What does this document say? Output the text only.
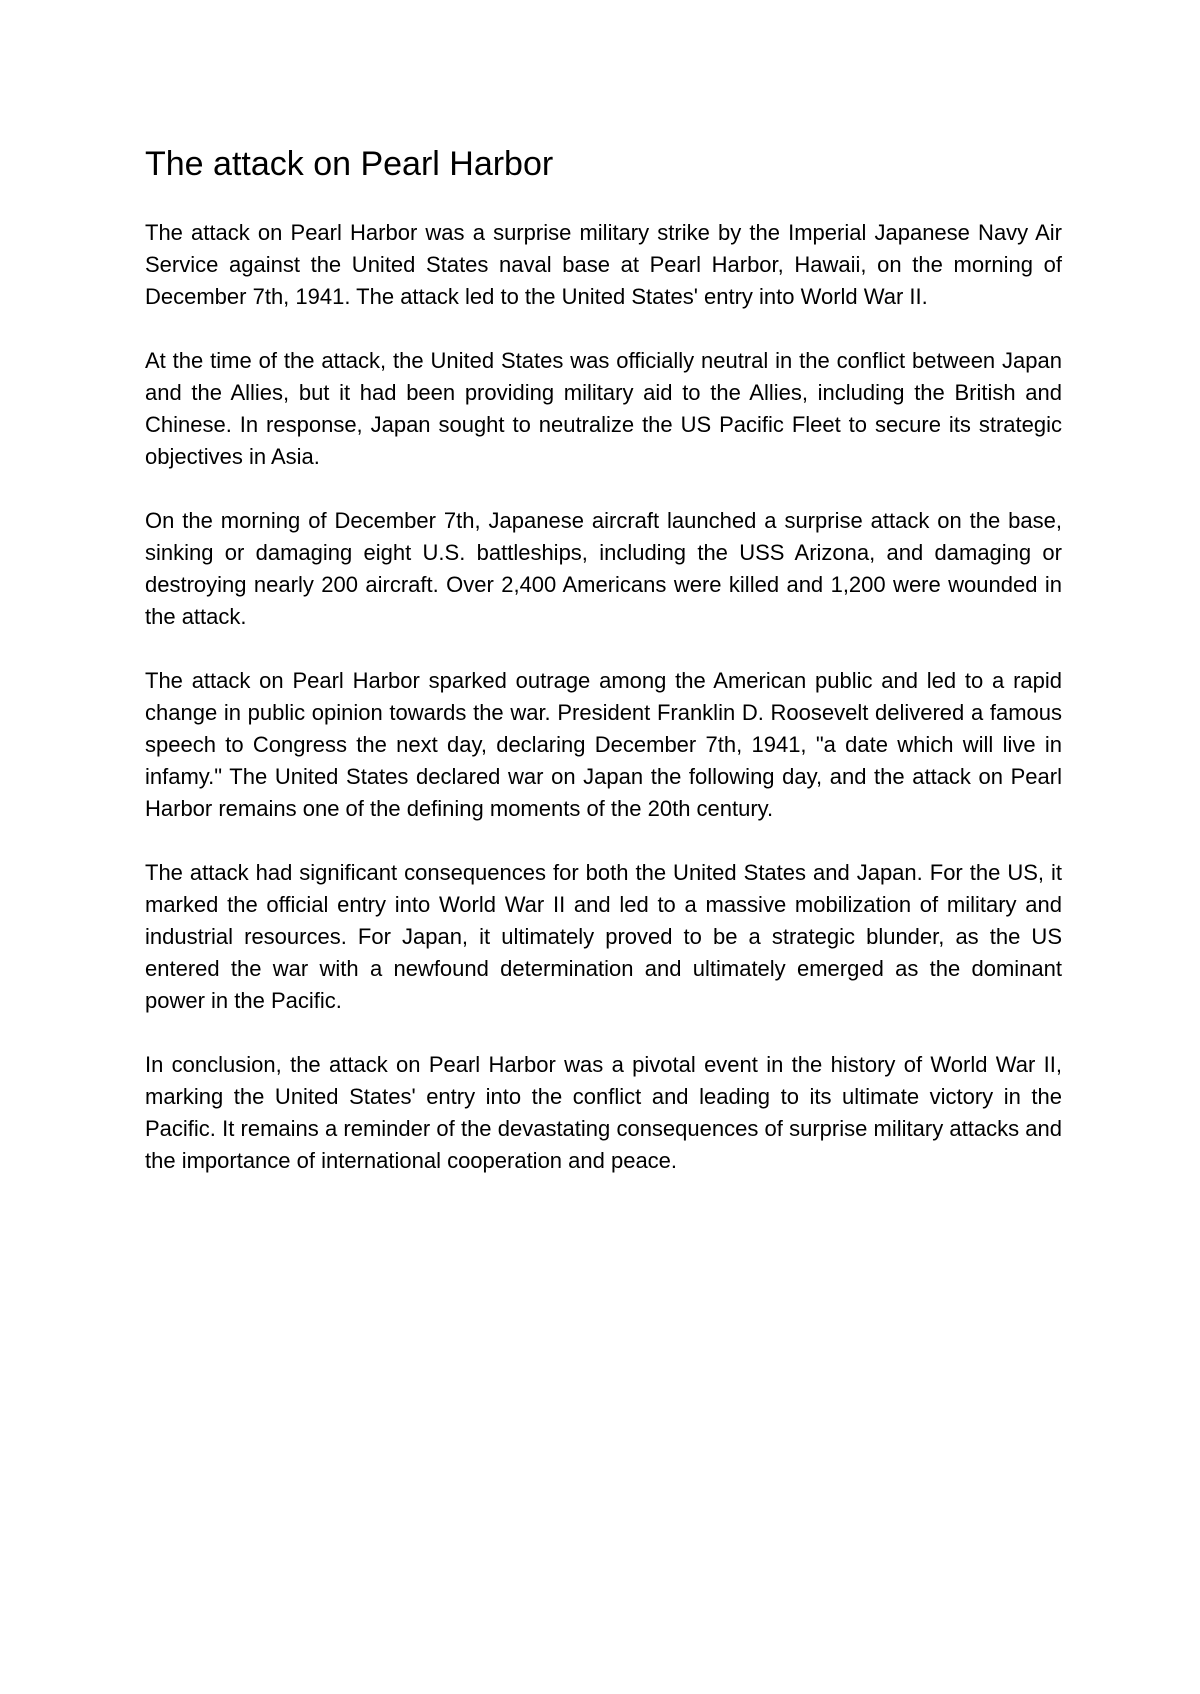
The attack on Pearl Harbor

The attack on Pearl Harbor was a surprise military strike by the Imperial Japanese Navy Air Service against the United States naval base at Pearl Harbor, Hawaii, on the morning of December 7th, 1941. The attack led to the United States' entry into World War II.

At the time of the attack, the United States was officially neutral in the conflict between Japan and the Allies, but it had been providing military aid to the Allies, including the British and Chinese. In response, Japan sought to neutralize the US Pacific Fleet to secure its strategic objectives in Asia.

On the morning of December 7th, Japanese aircraft launched a surprise attack on the base, sinking or damaging eight U.S. battleships, including the USS Arizona, and damaging or destroying nearly 200 aircraft. Over 2,400 Americans were killed and 1,200 were wounded in the attack.

The attack on Pearl Harbor sparked outrage among the American public and led to a rapid change in public opinion towards the war. President Franklin D. Roosevelt delivered a famous speech to Congress the next day, declaring December 7th, 1941, "a date which will live in infamy." The United States declared war on Japan the following day, and the attack on Pearl Harbor remains one of the defining moments of the 20th century.

The attack had significant consequences for both the United States and Japan. For the US, it marked the official entry into World War II and led to a massive mobilization of military and industrial resources. For Japan, it ultimately proved to be a strategic blunder, as the US entered the war with a newfound determination and ultimately emerged as the dominant power in the Pacific.

In conclusion, the attack on Pearl Harbor was a pivotal event in the history of World War II, marking the United States' entry into the conflict and leading to its ultimate victory in the Pacific. It remains a reminder of the devastating consequences of surprise military attacks and the importance of international cooperation and peace.
